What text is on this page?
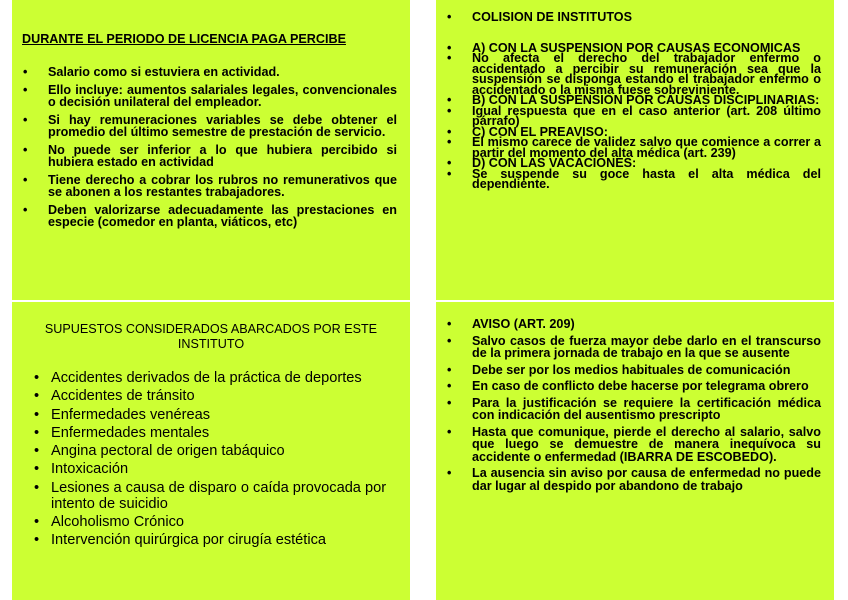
DURANTE EL PERIODO DE LICENCIA PAGA PERCIBE
• Salario como si estuviera en actividad.
• Ello incluye: aumentos salariales legales, convencionales o decisión unilateral del empleador.
• Si hay remuneraciones variables se debe obtener el promedio del último semestre de prestación de servicio.
• No puede ser inferior a lo que hubiera percibido si hubiera estado en actividad
• Tiene derecho a cobrar los rubros no remunerativos que se abonen a los restantes trabajadores.
• Deben valorizarse adecuadamente las prestaciones en especie (comedor en planta, viáticos, etc)
SUPUESTOS CONSIDERADOS ABARCADOS POR ESTE INSTITUTO
• Accidentes derivados de la práctica de deportes
• Accidentes de tránsito
• Enfermedades venéreas
• Enfermedades mentales
• Angina pectoral de origen tabáquico
• Intoxicación
• Lesiones a causa de disparo o caída provocada por intento de suicidio
• Alcoholismo Crónico
• Intervención quirúrgica por cirugía estética
• COLISION DE INSTITUTOS
• A) CON LA SUSPENSION POR CAUSAS ECONOMICAS
• No afecta el derecho del trabajador enfermo o accidentado a percibir su remuneración sea que la suspensión se disponga estando el trabajador enfermo o accidentado o la misma fuese sobreviniente.
• B) CON LA SUSPENSION POR CAUSAS DISCIPLINARIAS:
• Igual respuesta que en el caso anterior (art. 208 último párrafo)
• C) CON EL PREAVISO:
• El mismo carece de validez salvo que comience a correr a partir del momento del alta médica (art. 239)
• D) CON LAS VACACIONES:
• Se suspende su goce hasta el alta médica del dependiente.
• AVISO (ART. 209)
• Salvo casos de fuerza mayor debe darlo en el transcurso de la primera jornada de trabajo en la que se ausente
• Debe ser por los medios habituales de comunicación
• En caso de conflicto debe hacerse por telegrama obrero
• Para la justificación se requiere la certificación médica con indicación del ausentismo prescripto
• Hasta que comunique, pierde el derecho al salario, salvo que luego se demuestre de manera inequívoca su accidente o enfermedad (IBARRA DE ESCOBEDO).
• La ausencia sin aviso por causa de enfermedad no puede dar lugar al despido por abandono de trabajo
